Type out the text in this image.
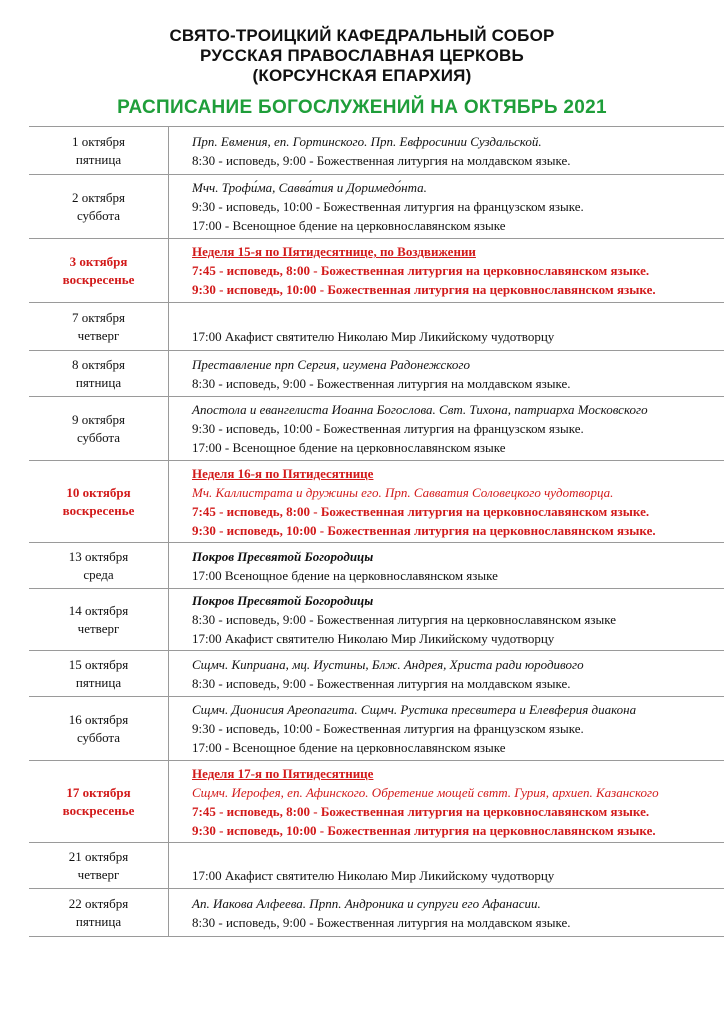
СВЯТО-ТРОИЦКИЙ КАФЕДРАЛЬНЫЙ СОБОР
РУССКАЯ ПРАВОСЛАВНАЯ ЦЕРКОВЬ
(КОРСУНСКАЯ ЕПАРХИЯ)
РАСПИСАНИЕ БОГОСЛУЖЕНИЙ НА ОКТЯБРЬ 2021
1 октября
пятница	Прп. Евмения, еп. Гортинского. Прп. Евфросинии Суздальской.
8:30 - исповедь, 9:00 - Божественная литургия на молдавском языке.

2 октября
суббота	Мчч. Трофи́ма, Савва́тия и Доримедо́нта.
9:30 - исповедь, 10:00 - Божественная литургия на французском языке.
17:00 - Всенощное бдение на церковнославянском языке

3 октября
воскресенье	Неделя 15-я по Пятидесятнице, по Воздвижении
7:45 - исповедь, 8:00 - Божественная литургия на церковнославянском языке.
9:30 - исповедь, 10:00 - Божественная литургия на церковнославянском языке.

7 октября
четверг	17:00 Акафист святителю Николаю Мир Ликийскому чудотворцу

8 октября
пятница	Преставление прп Сергия, игумена Радонежского
8:30 - исповедь, 9:00 - Божественная литургия на молдавском языке.

9 октября
суббота	Апостола и евангелиста Иоанна Богослова. Свт. Тихона, патриарха Московского
9:30 - исповедь, 10:00 - Божественная литургия на французском языке.
17:00 - Всенощное бдение на церковнославянском языке

10 октября
воскресенье	Неделя 16-я по Пятидесятнице
Мч. Каллистрата и дружины его. Прп. Савватия Соловецкого чудотворца.
7:45 - исповедь, 8:00 - Божественная литургия на церковнославянском языке.
9:30 - исповедь, 10:00 - Божественная литургия на церковнославянском языке.

13 октября
среда	Покров Пресвятой Богородицы
17:00 Всенощное бдение на церковнославянском языке

14 октября
четверг	Покров Пресвятой Богородицы
8:30 - исповедь, 9:00 - Божественная литургия на церковнославянском языке
17:00 Акафист святителю Николаю Мир Ликийскому чудотворцу

15 октября
пятница	Сщмч. Киприана, мц. Иустины, Блж. Андрея, Христа ради юродивого
8:30 - исповедь, 9:00 - Божественная литургия на молдавском языке.

16 октября
суббота	Сщмч. Дионисия Ареопагита. Сщмч. Рустика пресвитера и Елевферия диакона
9:30 - исповедь, 10:00 - Божественная литургия на французском языке.
17:00 - Всенощное бдение на церковнославянском языке

17 октября
воскресенье	Неделя 17-я по Пятидесятнице
Сщмч. Иерофея, еп. Афинского. Обретение мощей свтт. Гурия, архиеп. Казанского
7:45 - исповедь, 8:00 - Божественная литургия на церковнославянском языке.
9:30 - исповедь, 10:00 - Божественная литургия на церковнославянском языке.

21 октября
четверг	17:00 Акафист святителю Николаю Мир Ликийскому чудотворцу

22 октября
пятница	Ап. Иакова Алфеева. Прпп. Андроника и супруги его Афанасии.
8:30 - исповедь, 9:00 - Божественная литургия на молдавском языке.
